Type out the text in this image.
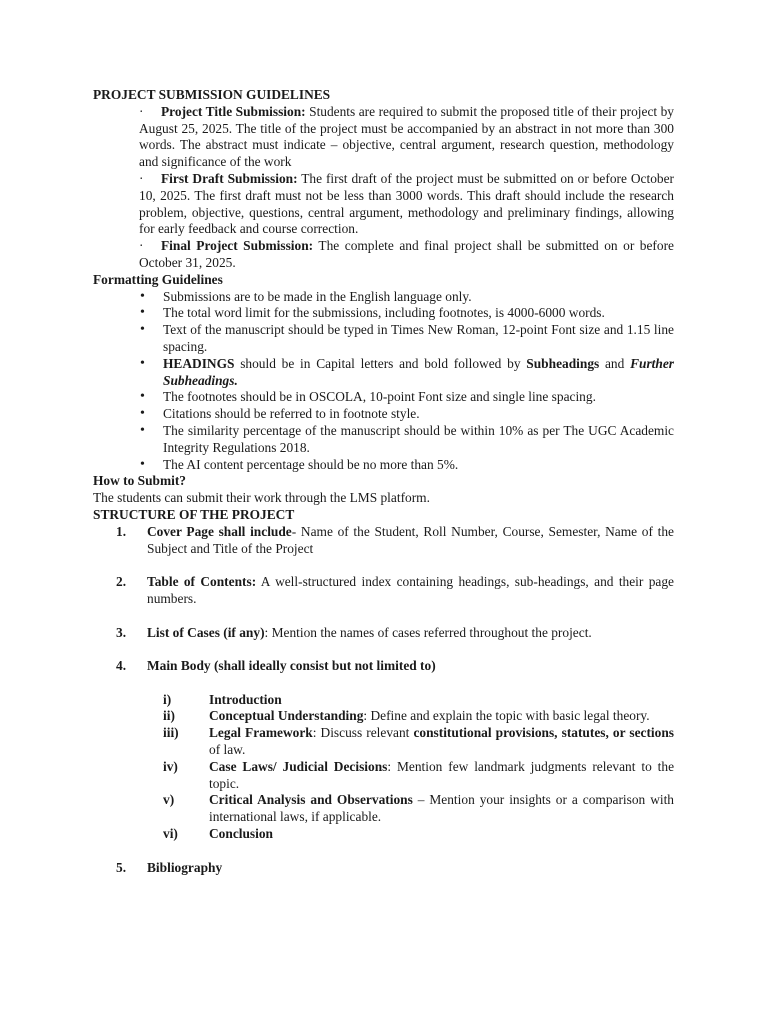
PROJECT SUBMISSION GUIDELINES

· Project Title Submission: Students are required to submit the proposed title of their project by August 25, 2025. The title of the project must be accompanied by an abstract in not more than 300 words. The abstract must indicate – objective, central argument, research question, methodology and significance of the work

· First Draft Submission: The first draft of the project must be submitted on or before October 10, 2025. The first draft must not be less than 3000 words. This draft should include the research problem, objective, questions, central argument, methodology and preliminary findings, allowing for early feedback and course correction.

· Final Project Submission: The complete and final project shall be submitted on or before October 31, 2025.

Formatting Guidelines

• Submissions are to be made in the English language only.
• The total word limit for the submissions, including footnotes, is 4000-6000 words.
• Text of the manuscript should be typed in Times New Roman, 12-point Font size and 1.15 line spacing.
• HEADINGS should be in Capital letters and bold followed by Subheadings and Further Subheadings.
• The footnotes should be in OSCOLA, 10-point Font size and single line spacing.
• Citations should be referred to in footnote style.
• The similarity percentage of the manuscript should be within 10% as per The UGC Academic Integrity Regulations 2018.
• The AI content percentage should be no more than 5%.

How to Submit?

The students can submit their work through the LMS platform.

STRUCTURE OF THE PROJECT

1. Cover Page shall include- Name of the Student, Roll Number, Course, Semester, Name of the Subject and Title of the Project
2. Table of Contents: A well-structured index containing headings, sub-headings, and their page numbers.
3. List of Cases (if any): Mention the names of cases referred throughout the project.
4. Main Body (shall ideally consist but not limited to)
i)	Introduction
ii)	Conceptual Understanding: Define and explain the topic with basic legal theory.
iii) Legal Framework: Discuss relevant constitutional provisions, statutes, or sections of law.
iv) Case Laws/ Judicial Decisions: Mention few landmark judgments relevant to the topic.
v)	Critical Analysis and Observations – Mention your insights or a comparison with international laws, if applicable.
vi) Conclusion
5. Bibliography
